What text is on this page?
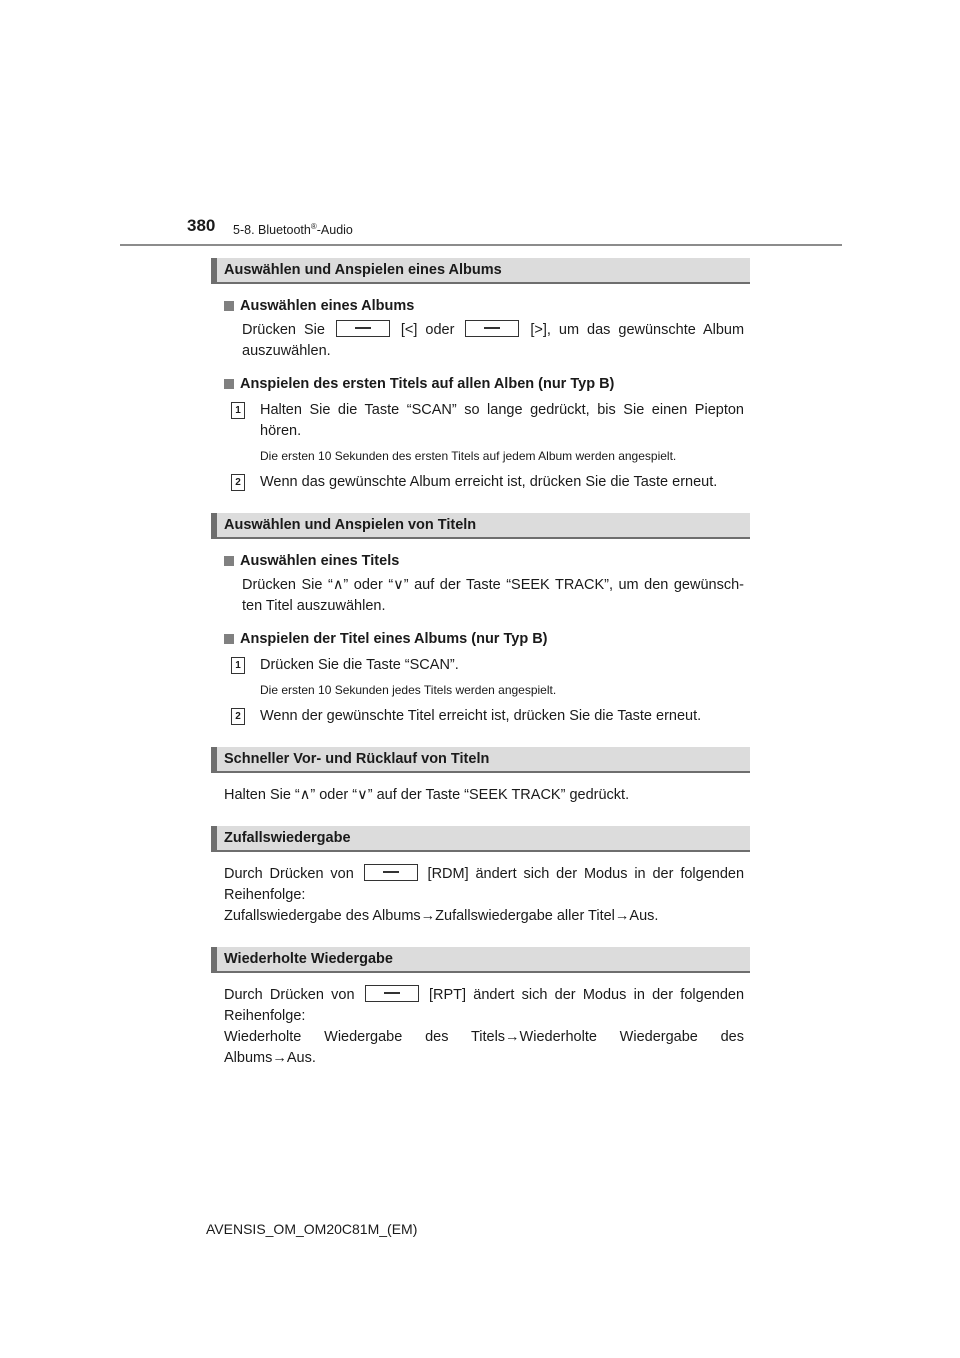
380 5-8. Bluetooth®-Audio
Auswählen und Anspielen eines Albums
Auswählen eines Albums
Drücken Sie	[<] oder	[>], um das gewünschte Album auszuwählen.
Anspielen des ersten Titels auf allen Alben (nur Typ B)
1 Halten Sie die Taste “SCAN” so lange gedrückt, bis Sie einen Piepton hören.
Die ersten 10 Sekunden des ersten Titels auf jedem Album werden angespielt.
2 Wenn das gewünschte Album erreicht ist, drücken Sie die Taste erneut.
Auswählen und Anspielen von Titeln
Auswählen eines Titels
Drücken Sie “∧” oder “∨” auf der Taste “SEEK TRACK”, um den gewünsch-ten Titel auszuwählen.
Anspielen der Titel eines Albums (nur Typ B)
1 Drücken Sie die Taste “SCAN”.
Die ersten 10 Sekunden jedes Titels werden angespielt.
2 Wenn der gewünschte Titel erreicht ist, drücken Sie die Taste erneut.
Schneller Vor- und Rücklauf von Titeln
Halten Sie “∧” oder “∨” auf der Taste “SEEK TRACK” gedrückt.
Zufallswiedergabe
Durch Drücken von	[RDM] ändert sich der Modus in der folgenden Reihenfolge:
Zufallswiedergabe des Albums→Zufallswiedergabe aller Titel→Aus.
Wiederholte Wiedergabe
Durch Drücken von	[RPT] ändert sich der Modus in der folgenden Reihenfolge:
Wiederholte Wiedergabe des Titels→Wiederholte Wiedergabe des Albums→Aus.
AVENSIS_OM_OM20C81M_(EM)
